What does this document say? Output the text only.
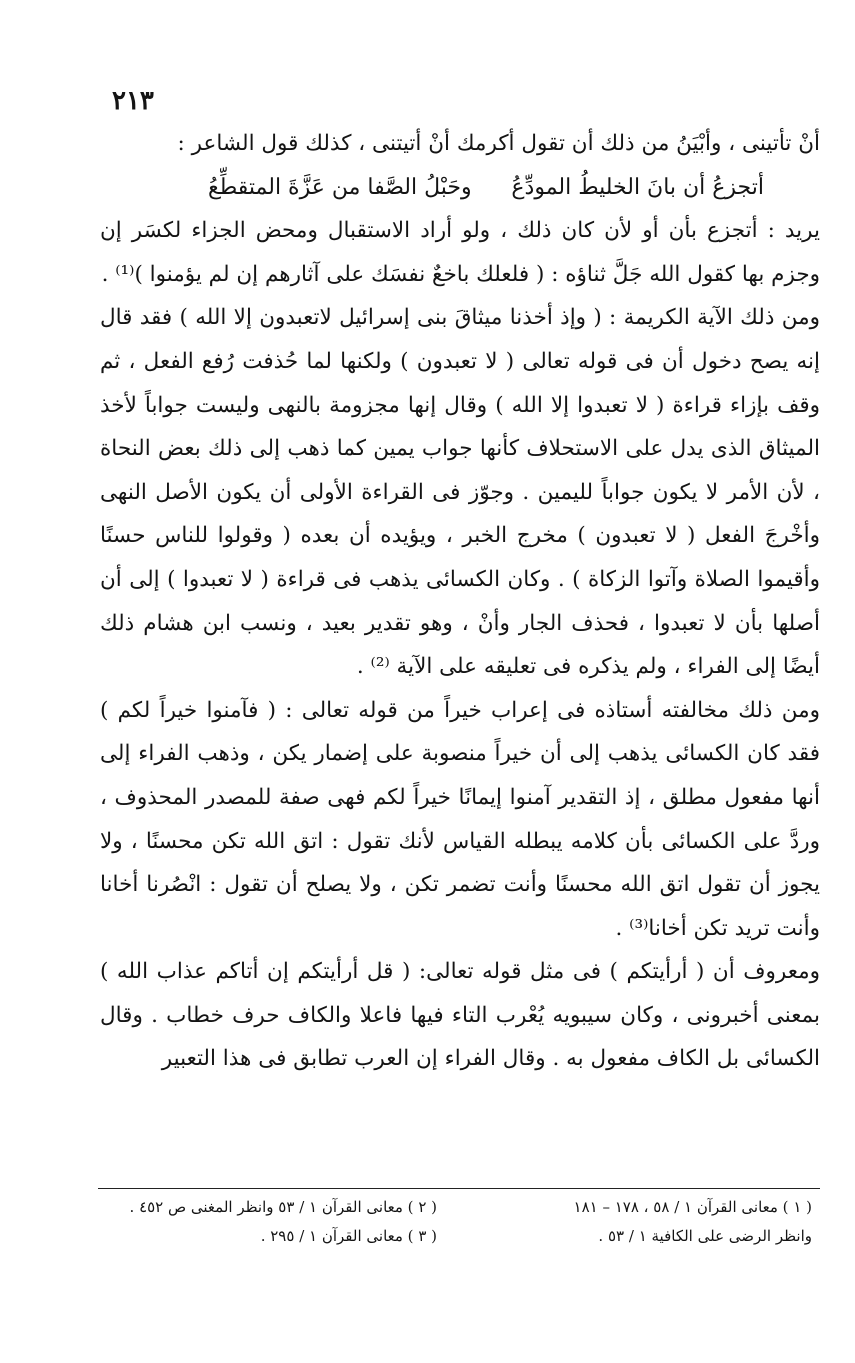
٢١٣

أنْ تأتينى ، وأبْيَنُ من ذلك أن تقول أكرمك أنْ أتيتنى ، كذلك قول الشاعر :

أتجزعُ أن بانَ الخليطُ المودِّعُ
وحَبْلُ الصَّفا من عَزَّةَ المتقطِّعُ

يريد : أتجزع بأن أو لأن كان ذلك ، ولو أراد الاستقبال ومحض الجزاء لكسَر إن وجزم بها كقول الله جَلَّ ثناؤه : ( فلعلك باخعٌ نفسَك على آثارهم إن لم يؤمنوا )⁽¹⁾ .

ومن ذلك الآية الكريمة : ( وإذ أخذنا ميثاقَ بنى إسرائيل لاتعبدون إلا الله ) فقد قال إنه يصح دخول أن فى قوله تعالى ( لا تعبدون ) ولكنها لما حُذفت رُفع الفعل ، ثم وقف بإزاء قراءة ( لا تعبدوا إلا الله ) وقال إنها مجزومة بالنهى وليست جواباً لأخذ الميثاق الذى يدل على الاستحلاف كأنها جواب يمين كما ذهب إلى ذلك بعض النحاة ، لأن الأمر لا يكون جواباً لليمين . وجوّز فى القراءة الأولى أن يكون الأصل النهى وأخْرجَ الفعل ( لا تعبدون ) مخرج الخبر ، ويؤيده أن بعده ( وقولوا للناس حسنًا وأقيموا الصلاة وآتوا الزكاة ) . وكان الكسائى يذهب فى قراءة ( لا تعبدوا ) إلى أن أصلها بأن لا تعبدوا ، فحذف الجار وأنْ ، وهو تقدير بعيد ، ونسب ابن هشام ذلك أيضًا إلى الفراء ، ولم يذكره فى تعليقه على الآية ⁽²⁾ .

ومن ذلك مخالفته أستاذه فى إعراب خيراً من قوله تعالى : ( فآمنوا خيراً لكم ) فقد كان الكسائى يذهب إلى أن خيراً منصوبة على إضمار يكن ، وذهب الفراء إلى أنها مفعول مطلق ، إذ التقدير آمنوا إيمانًا خيراً لكم فهى صفة للمصدر المحذوف ، وردَّ على الكسائى بأن كلامه يبطله القياس لأنك تقول : اتق الله تكن محسنًا ، ولا يجوز أن تقول اتق الله محسنًا وأنت تضمر تكن ، ولا يصلح أن تقول : انْصُرنا أخانا وأنت تريد تكن أخانا⁽³⁾ .

ومعروف أن ( أرأيتكم ) فى مثل قوله تعالى: ( قل أرأيتكم إن أتاكم عذاب الله ) بمعنى أخبرونى ، وكان سيبويه يُعْرب التاء فيها فاعلا والكاف حرف خطاب . وقال الكسائى بل الكاف مفعول به . وقال الفراء إن العرب تطابق فى هذا التعبير

( ١ ) معانى القرآن ١ / ٥٨ ، ١٧٨ – ١٨١
وانظر الرضى على الكافية ١ / ٥٣ .
( ٢ ) معانى القرآن ١ / ٥٣ وانظر المغنى ص ٤٥٢ .
( ٣ ) معانى القرآن ١ / ٢٩٥ .
